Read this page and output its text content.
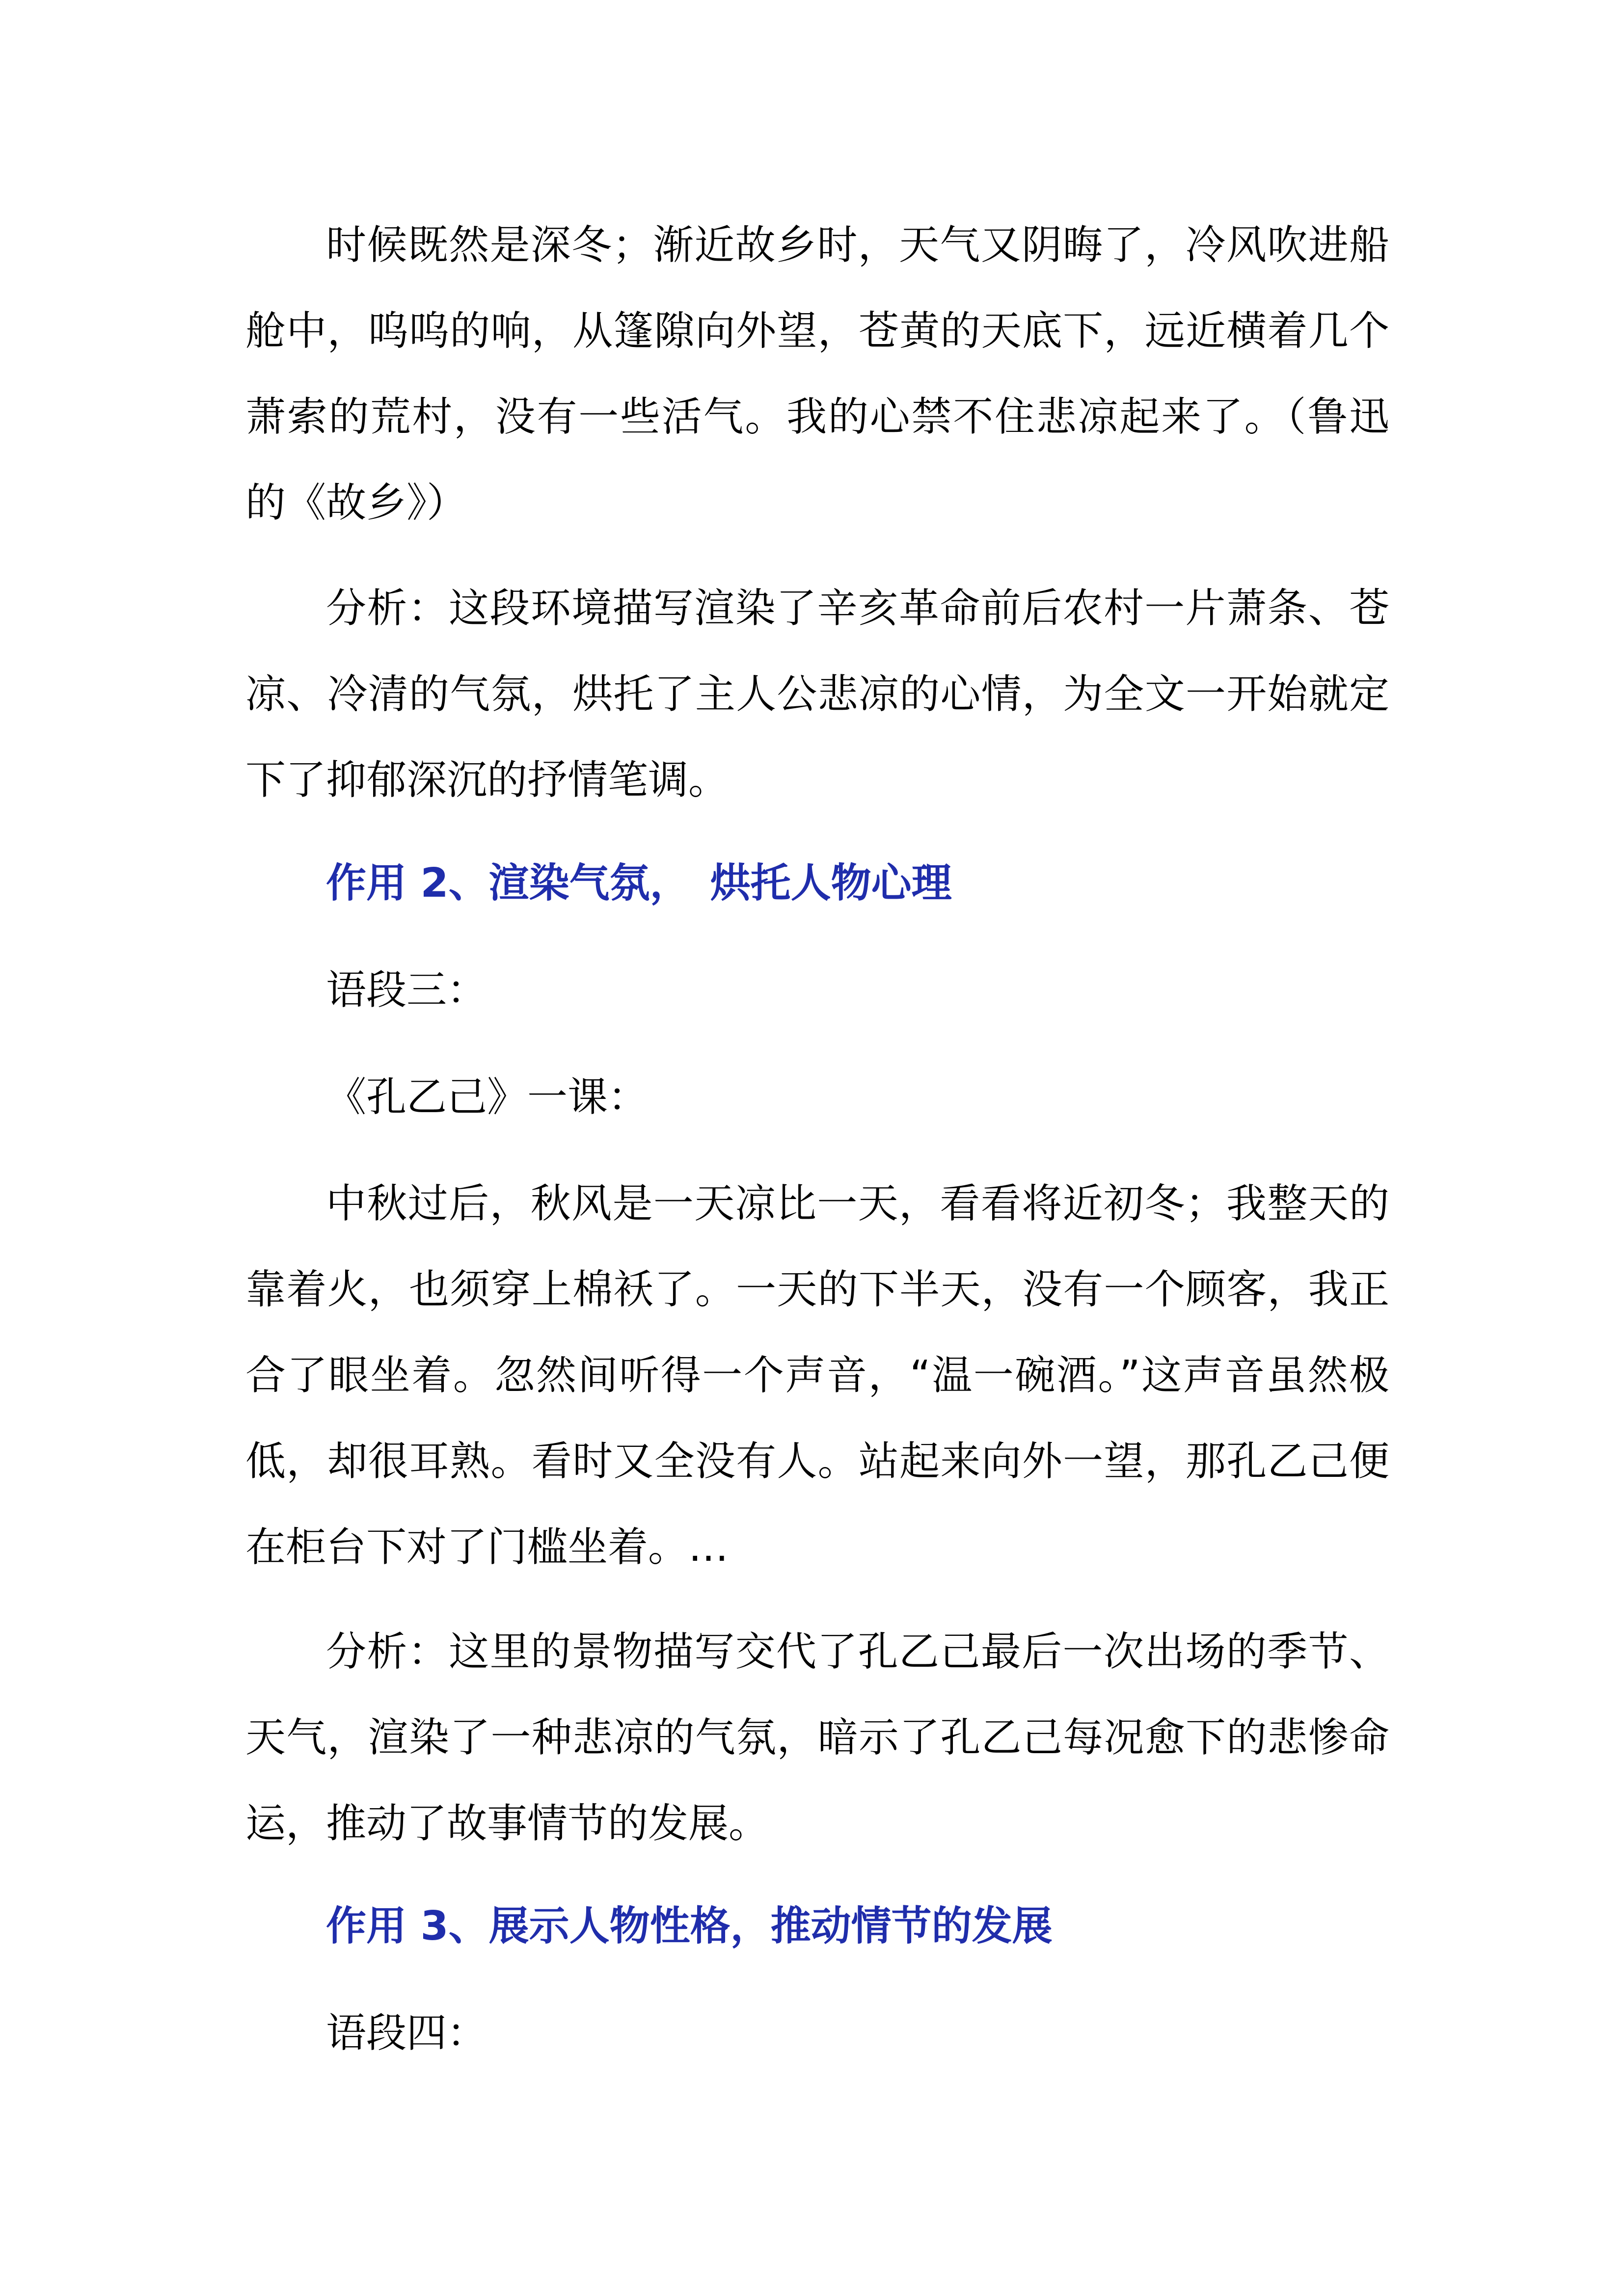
时候既然是深冬；渐近故乡时，天气又阴晦了，冷风吹进船舱中，呜呜的响，从篷隙向外望，苍黄的天底下，远近横着几个萧索的荒村，没有一些活气。我的心禁不住悲凉起来了。（鲁迅的《故乡》）

分析：这段环境描写渲染了辛亥革命前后农村一片萧条、苍凉、冷清的气氛，烘托了主人公悲凉的心情，为全文一开始就定下了抑郁深沉的抒情笔调。

作用 2、渲染气氛，　烘托人物心理

语段三：

《孔乙己》一课：

中秋过后，秋风是一天凉比一天，看看将近初冬；我整天的靠着火，也须穿上棉袄了。一天的下半天，没有一个顾客，我正合了眼坐着。忽然间听得一个声音，“温一碗酒。”这声音虽然极低，却很耳熟。看时又全没有人。站起来向外一望，那孔乙己便在柜台下对了门槛坐着。…

分析：这里的景物描写交代了孔乙己最后一次出场的季节、天气，渲染了一种悲凉的气氛，暗示了孔乙己每况愈下的悲惨命运，推动了故事情节的发展。

作用 3、展示人物性格，推动情节的发展

语段四：
